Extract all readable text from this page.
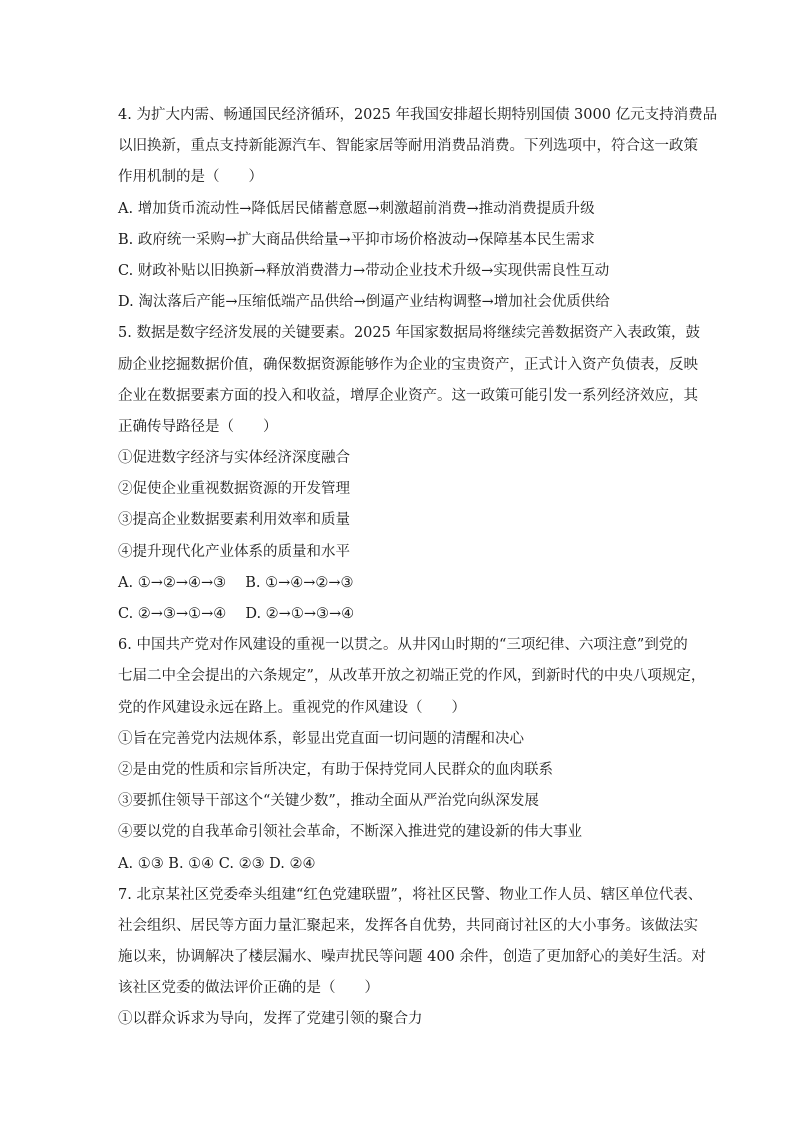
4. 为扩大内需、畅通国民经济循环，2025 年我国安排超长期特别国债 3000 亿元支持消费品
以旧换新，重点支持新能源汽车、智能家居等耐用消费品消费。下列选项中，符合这一政策
作用机制的是（　　）
A. 增加货币流动性→降低居民储蓄意愿→刺激超前消费→推动消费提质升级
B. 政府统一采购→扩大商品供给量→平抑市场价格波动→保障基本民生需求
C. 财政补贴以旧换新→释放消费潜力→带动企业技术升级→实现供需良性互动
D. 淘汰落后产能→压缩低端产品供给→倒逼产业结构调整→增加社会优质供给
5. 数据是数字经济发展的关键要素。2025 年国家数据局将继续完善数据资产入表政策，鼓
励企业挖掘数据价值，确保数据资源能够作为企业的宝贵资产，正式计入资产负债表，反映
企业在数据要素方面的投入和收益，增厚企业资产。这一政策可能引发一系列经济效应，其
正确传导路径是（　　）
①促进数字经济与实体经济深度融合
②促使企业重视数据资源的开发管理
③提高企业数据要素利用效率和质量
④提升现代化产业体系的质量和水平
A. ①→②→④→③　 B. ①→④→②→③
C. ②→③→①→④　 D. ②→①→③→④
6. 中国共产党对作风建设的重视一以贯之。从井冈山时期的“三项纪律、六项注意”到党的
七届二中全会提出的六条规定”，从改革开放之初端正党的作风，到新时代的中央八项规定，
党的作风建设永远在路上。重视党的作风建设（　　）
①旨在完善党内法规体系，彰显出党直面一切问题的清醒和决心
②是由党的性质和宗旨所决定，有助于保持党同人民群众的血肉联系
③要抓住领导干部这个“关键少数”，推动全面从严治党向纵深发展
④要以党的自我革命引领社会革命，不断深入推进党的建设新的伟大事业
A. ①③ B. ①④ C. ②③ D. ②④
7. 北京某社区党委牵头组建“红色党建联盟”，将社区民警、物业工作人员、辖区单位代表、
社会组织、居民等方面力量汇聚起来，发挥各自优势，共同商讨社区的大小事务。该做法实
施以来，协调解决了楼层漏水、噪声扰民等问题 400 余件，创造了更加舒心的美好生活。对
该社区党委的做法评价正确的是（　　）
①以群众诉求为导向，发挥了党建引领的聚合力
